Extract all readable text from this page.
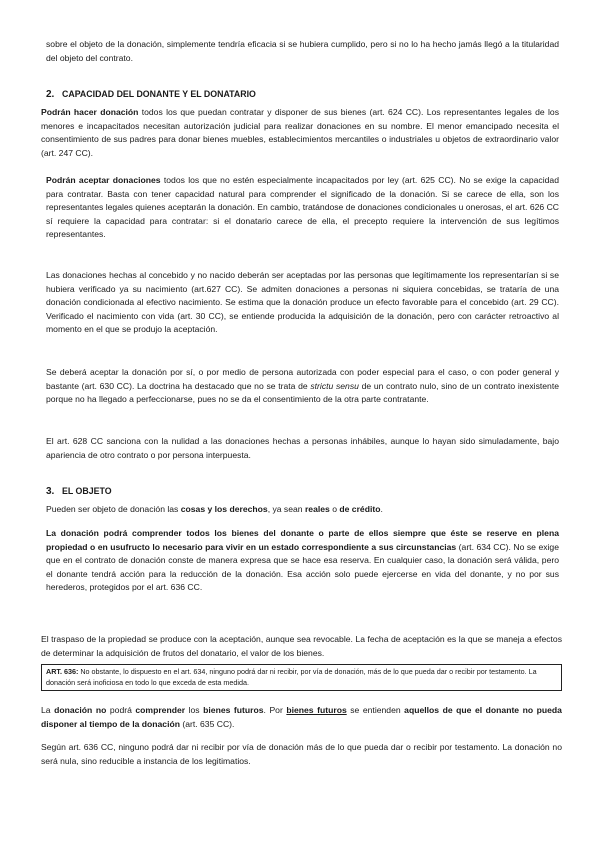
sobre el objeto de la donación, simplemente tendría eficacia si se hubiera cumplido, pero si no lo ha hecho jamás llegó a la titularidad del objeto del contrato.

2. CAPACIDAD DEL DONANTE Y EL DONATARIO

Podrán hacer donación todos los que puedan contratar y disponer de sus bienes (art. 624 CC). Los representantes legales de los menores e incapacitados necesitan autorización judicial para realizar donaciones en su nombre. El menor emancipado necesita el consentimiento de sus padres para donar bienes muebles, establecimientos mercantiles o industriales u objetos de extraordinario valor (art. 247 CC).

Podrán aceptar donaciones todos los que no estén especialmente incapacitados por ley (art. 625 CC). No se exige la capacidad para contratar. Basta con tener capacidad natural para comprender el significado de la donación. Si se carece de ella, son los representantes legales quienes aceptarán la donación. En cambio, tratándose de donaciones condicionales u onerosas, el art. 626 CC sí requiere la capacidad para contratar: si el donatario carece de ella, el precepto requiere la intervención de sus legítimos representantes.

Las donaciones hechas al concebido y no nacido deberán ser aceptadas por las personas que legítimamente los representarían si se hubiera verificado ya su nacimiento (art.627 CC). Se admiten donaciones a personas ni siquiera concebidas, se trataría de una donación condicionada al efectivo nacimiento. Se estima que la donación produce un efecto favorable para el concebido (art. 29 CC). Verificado el nacimiento con vida (art. 30 CC), se entiende producida la adquisición de la donación, pero con carácter retroactivo al momento en el que se produjo la aceptación.

Se deberá aceptar la donación por sí, o por medio de persona autorizada con poder especial para el caso, o con poder general y bastante (art. 630 CC). La doctrina ha destacado que no se trata de strictu sensu de un contrato nulo, sino de un contrato inexistente porque no ha llegado a perfeccionarse, pues no se da el consentimiento de la otra parte contratante.

El art. 628 CC sanciona con la nulidad a las donaciones hechas a personas inhábiles, aunque lo hayan sido simuladamente, bajo apariencia de otro contrato o por persona interpuesta.

3. EL OBJETO

Pueden ser objeto de donación las cosas y los derechos, ya sean reales o de crédito.

La donación podrá comprender todos los bienes del donante o parte de ellos siempre que éste se reserve en plena propiedad o en usufructo lo necesario para vivir en un estado correspondiente a sus circunstancias (art. 634 CC). No se exige que en el contrato de donación conste de manera expresa que se hace esa reserva. En cualquier caso, la donación será válida, pero el donante tendrá acción para la reducción de la donación. Esa acción solo puede ejercerse en vida del donante, y no por sus herederos, protegidos por el art. 636 CC.

El traspaso de la propiedad se produce con la aceptación, aunque sea revocable. La fecha de aceptación es la que se maneja a efectos de determinar la adquisición de frutos del donatario, el valor de los bienes.

ART. 636: No obstante, lo dispuesto en el art. 634, ninguno podrá dar ni recibir, por vía de donación, más de lo que pueda dar o recibir por testamento. La donación será inoficiosa en todo lo que exceda de esta medida.

La donación no podrá comprender los bienes futuros. Por bienes futuros se entienden aquellos de que el donante no pueda disponer al tiempo de la donación (art. 635 CC).

Según art. 636 CC, ninguno podrá dar ni recibir por vía de donación más de lo que pueda dar o recibir por testamento. La donación no será nula, sino reducible a instancia de los legitimatios.
